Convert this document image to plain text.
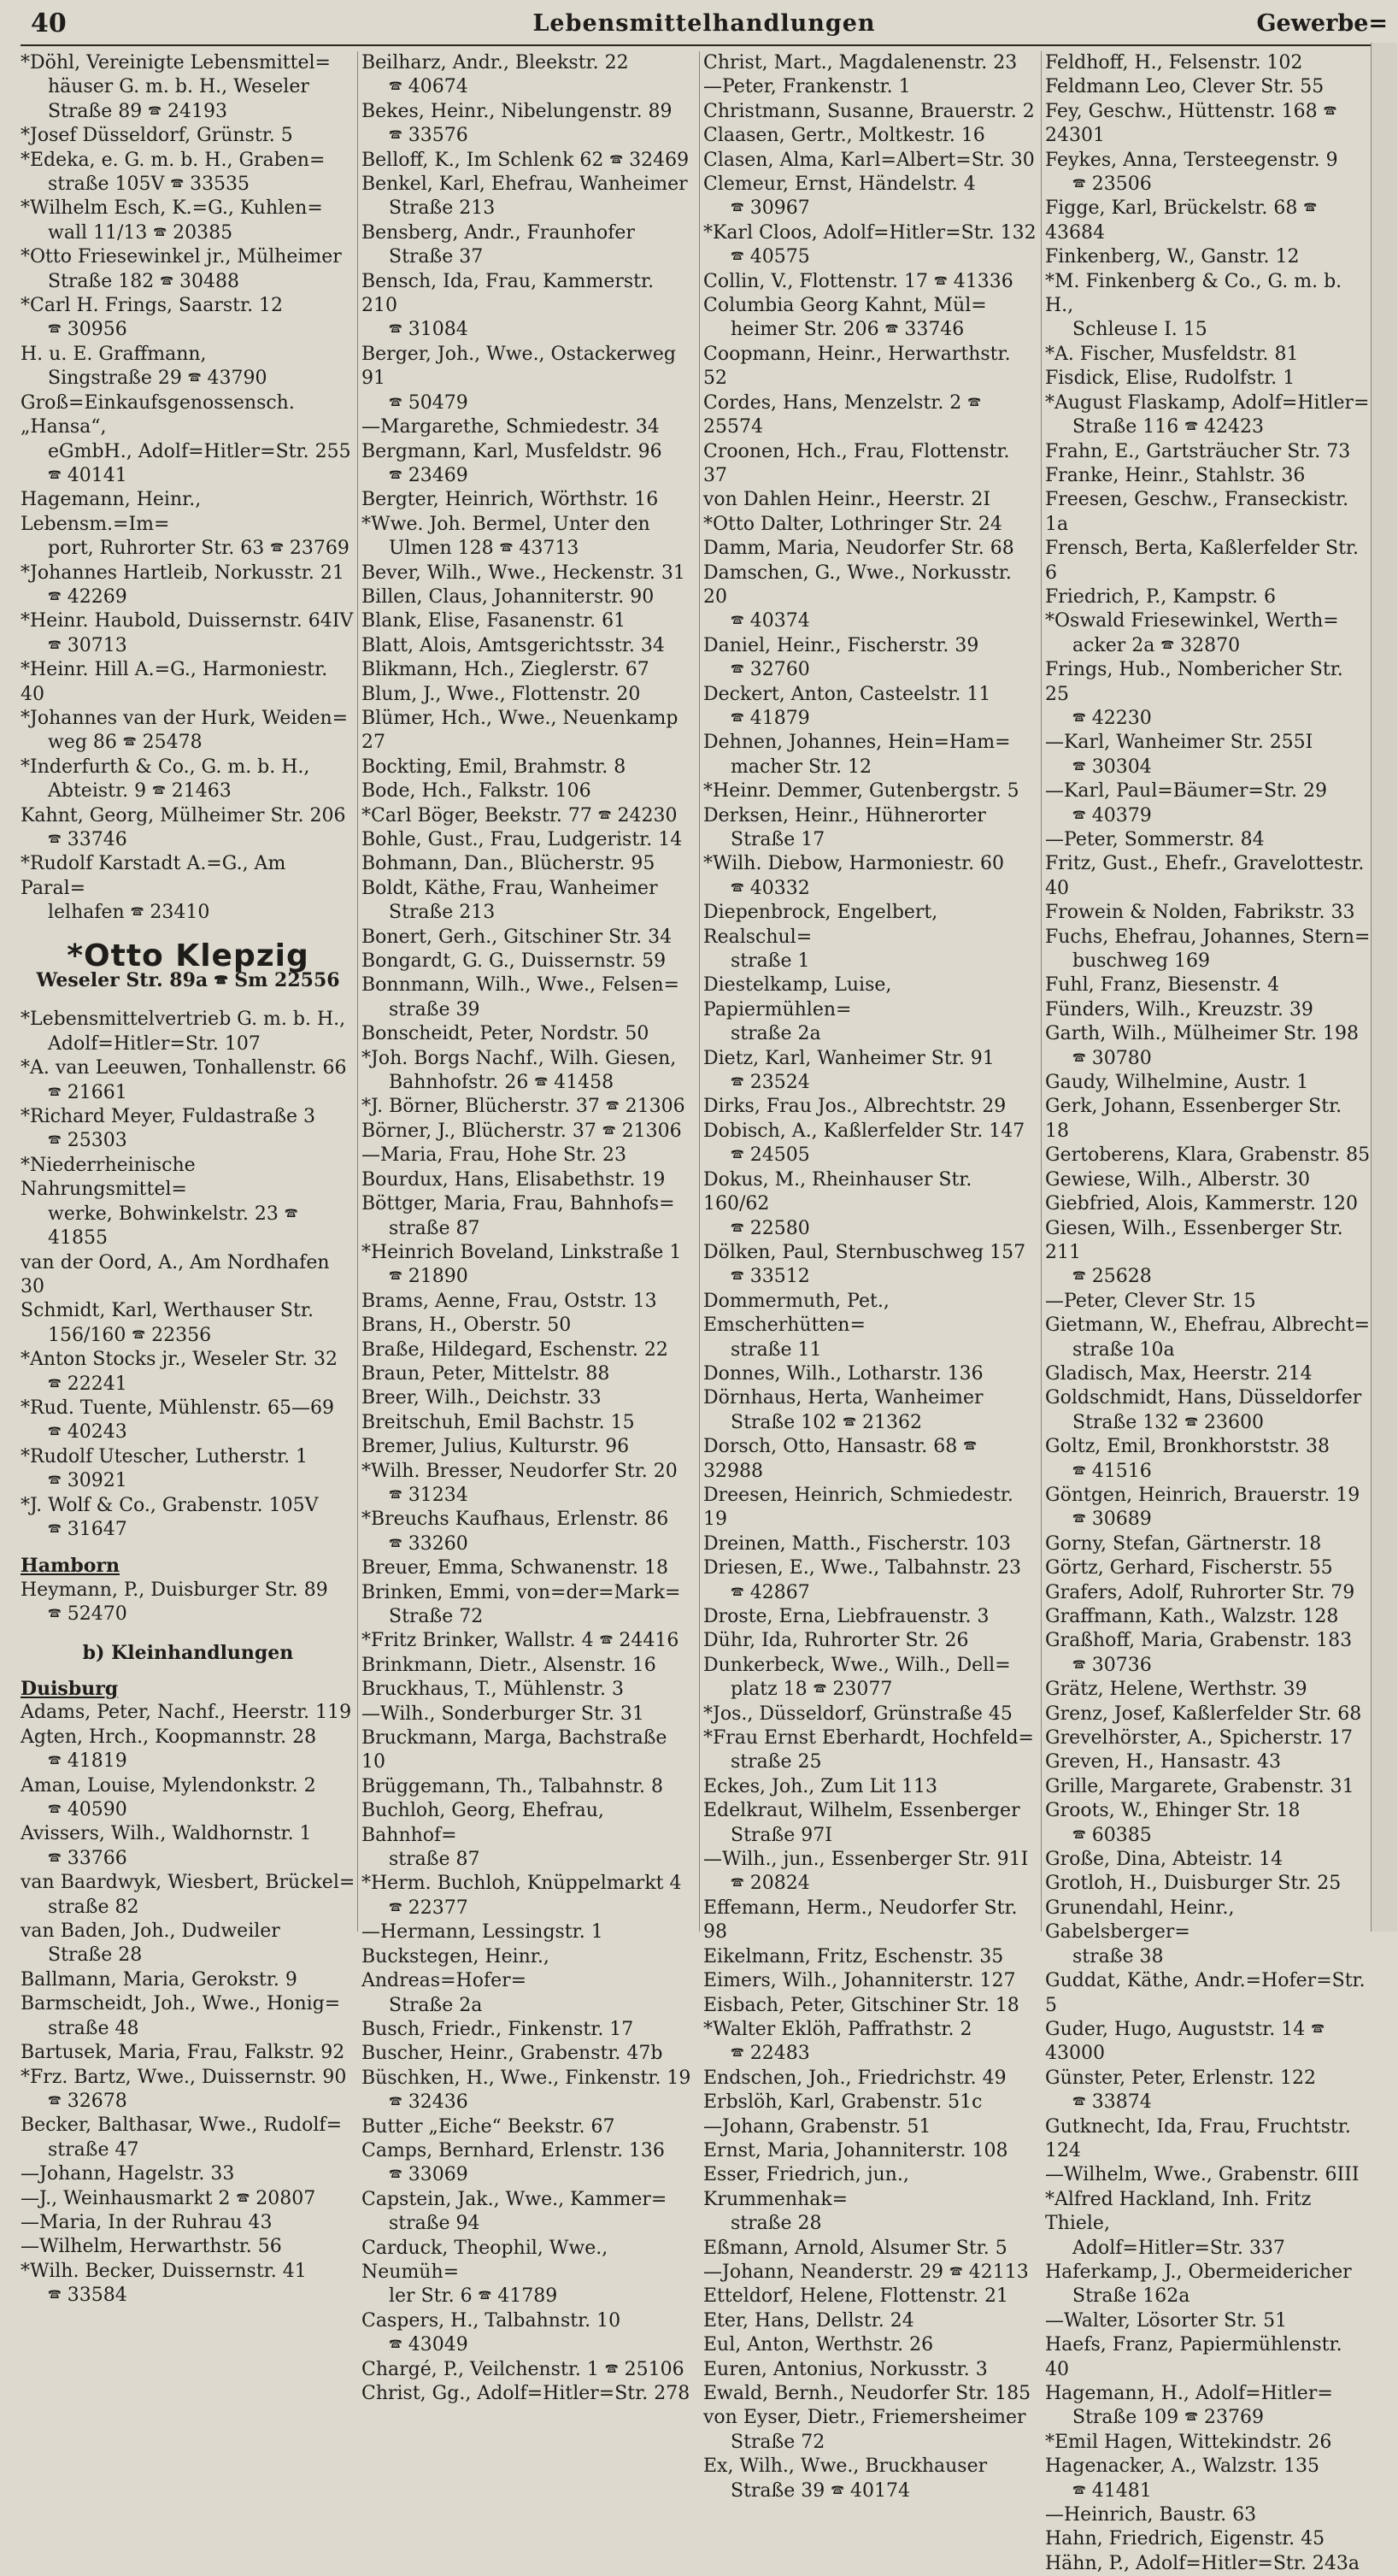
40	Lebensmittelhandlungen	Gewerbe=
*Döhl, Vereinigte Lebensmittel=
häuser G. m. b. H., Weseler
Straße 89 🕿 24193
*Josef Düsseldorf, Grünstr. 5
*Edeka, e. G. m. b. H., Graben=
straße 105V 🕿 33535
*Wilhelm Esch, K.=G., Kuhlen=
wall 11/13 🕿 20385
*Otto Friesewinkel jr., Mülheimer
Straße 182 🕿 30488
*Carl H. Frings, Saarstr. 12
🕿 30956
H. u. E. Graffmann,
Singstraße 29 🕿 43790
Groß=Einkaufsgenossensch. „Hansa“,
eGmbH., Adolf=Hitler=Str. 255
🕿 40141
Hagemann, Heinr., Lebensm.=Im=
port, Ruhrorter Str. 63 🕿 23769
*Johannes Hartleib, Norkusstr. 21
🕿 42269
*Heinr. Haubold, Duissernstr. 64IV
🕿 30713
*Heinr. Hill A.=G., Harmoniestr. 40
*Johannes van der Hurk, Weiden=
weg 86 🕿 25478
*Inderfurth & Co., G. m. b. H.,
Abteistr. 9 🕿 21463
Kahnt, Georg, Mülheimer Str. 206
🕿 33746
*Rudolf Karstadt A.=G., Am Paral=
lelhafen 🕿 23410
*Otto Klepzig
Weseler Str. 89a 🕿 Sm 22556
*Lebensmittelvertrieb G. m. b. H.,
Adolf=Hitler=Str. 107
*A. van Leeuwen, Tonhallenstr. 66
🕿 21661
*Richard Meyer, Fuldastraße 3
🕿 25303
*Niederrheinische Nahrungsmittel=
werke, Bohwinkelstr. 23 🕿 41855
van der Oord, A., Am Nordhafen 30
Schmidt, Karl, Werthauser Str.
156/160 🕿 22356
*Anton Stocks jr., Weseler Str. 32
🕿 22241
*Rud. Tuente, Mühlenstr. 65—69
🕿 40243
*Rudolf Utescher, Lutherstr. 1
🕿 30921
*J. Wolf & Co., Grabenstr. 105V
🕿 31647
Hamborn
Heymann, P., Duisburger Str. 89
🕿 52470
b) Kleinhandlungen
Duisburg
Adams, Peter, Nachf., Heerstr. 119
Agten, Hrch., Koopmannstr. 28
🕿 41819
Aman, Louise, Mylendonkstr. 2
🕿 40590
Avissers, Wilh., Waldhornstr. 1
🕿 33766
van Baardwyk, Wiesbert, Brückel=
straße 82
van Baden, Joh., Dudweiler
Straße 28
Ballmann, Maria, Gerokstr. 9
Barmscheidt, Joh., Wwe., Honig=
straße 48
Bartusek, Maria, Frau, Falkstr. 92
*Frz. Bartz, Wwe., Duissernstr. 90
🕿 32678
Becker, Balthasar, Wwe., Rudolf=
straße 47
—Johann, Hagelstr. 33
—J., Weinhausmarkt 2 🕿 20807
—Maria, In der Ruhrau 43
—Wilhelm, Herwarthstr. 56
*Wilh. Becker, Duissernstr. 41
🕿 33584
Beilharz, Andr., Bleekstr. 22
🕿 40674
Bekes, Heinr., Nibelungenstr. 89
🕿 33576
Belloff, K., Im Schlenk 62 🕿 32469
Benkel, Karl, Ehefrau, Wanheimer
Straße 213
Bensberg, Andr., Fraunhofer
Straße 37
Bensch, Ida, Frau, Kammerstr. 210
🕿 31084
Berger, Joh., Wwe., Ostackerweg 91
🕿 50479
—Margarethe, Schmiedestr. 34
Bergmann, Karl, Musfeldstr. 96
🕿 23469
Bergter, Heinrich, Wörthstr. 16
*Wwe. Joh. Bermel, Unter den
Ulmen 128 🕿 43713
Bever, Wilh., Wwe., Heckenstr. 31
Billen, Claus, Johanniterstr. 90
Blank, Elise, Fasanenstr. 61
Blatt, Alois, Amtsgerichtsstr. 34
Blikmann, Hch., Zieglerstr. 67
Blum, J., Wwe., Flottenstr. 20
Blümer, Hch., Wwe., Neuenkamp 27
Bockting, Emil, Brahmstr. 8
Bode, Hch., Falkstr. 106
*Carl Böger, Beekstr. 77 🕿 24230
Bohle, Gust., Frau, Ludgeristr. 14
Bohmann, Dan., Blücherstr. 95
Boldt, Käthe, Frau, Wanheimer
Straße 213
Bonert, Gerh., Gitschiner Str. 34
Bongardt, G. G., Duissernstr. 59
Bonnmann, Wilh., Wwe., Felsen=
straße 39
Bonscheidt, Peter, Nordstr. 50
*Joh. Borgs Nachf., Wilh. Giesen,
Bahnhofstr. 26 🕿 41458
*J. Börner, Blücherstr. 37 🕿 21306
Börner, J., Blücherstr. 37 🕿 21306
—Maria, Frau, Hohe Str. 23
Bourdux, Hans, Elisabethstr. 19
Böttger, Maria, Frau, Bahnhofs=
straße 87
*Heinrich Boveland, Linkstraße 1
🕿 21890
Brams, Aenne, Frau, Oststr. 13
Brans, H., Oberstr. 50
Braße, Hildegard, Eschenstr. 22
Braun, Peter, Mittelstr. 88
Breer, Wilh., Deichstr. 33
Breitschuh, Emil Bachstr. 15
Bremer, Julius, Kulturstr. 96
*Wilh. Bresser, Neudorfer Str. 20
🕿 31234
*Breuchs Kaufhaus, Erlenstr. 86
🕿 33260
Breuer, Emma, Schwanenstr. 18
Brinken, Emmi, von=der=Mark=
Straße 72
*Fritz Brinker, Wallstr. 4 🕿 24416
Brinkmann, Dietr., Alsenstr. 16
Bruckhaus, T., Mühlenstr. 3
—Wilh., Sonderburger Str. 31
Bruckmann, Marga, Bachstraße 10
Brüggemann, Th., Talbahnstr. 8
Buchloh, Georg, Ehefrau, Bahnhof=
straße 87
*Herm. Buchloh, Knüppelmarkt 4
🕿 22377
—Hermann, Lessingstr. 1
Buckstegen, Heinr., Andreas=Hofer=
Straße 2a
Busch, Friedr., Finkenstr. 17
Buscher, Heinr., Grabenstr. 47b
Büschken, H., Wwe., Finkenstr. 19
🕿 32436
Butter „Eiche“ Beekstr. 67
Camps, Bernhard, Erlenstr. 136
🕿 33069
Capstein, Jak., Wwe., Kammer=
straße 94
Carduck, Theophil, Wwe., Neumüh=
ler Str. 6 🕿 41789
Caspers, H., Talbahnstr. 10
🕿 43049
Chargé, P., Veilchenstr. 1 🕿 25106
Christ, Gg., Adolf=Hitler=Str. 278
Christ, Mart., Magdalenenstr. 23
—Peter, Frankenstr. 1
Christmann, Susanne, Brauerstr. 2
Claasen, Gertr., Moltkestr. 16
Clasen, Alma, Karl=Albert=Str. 30
Clemeur, Ernst, Händelstr. 4
🕿 30967
*Karl Cloos, Adolf=Hitler=Str. 132
🕿 40575
Collin, V., Flottenstr. 17 🕿 41336
Columbia Georg Kahnt, Mül=
heimer Str. 206 🕿 33746
Coopmann, Heinr., Herwarthstr. 52
Cordes, Hans, Menzelstr. 2 🕿 25574
Croonen, Hch., Frau, Flottenstr. 37
von Dahlen Heinr., Heerstr. 2I
*Otto Dalter, Lothringer Str. 24
Damm, Maria, Neudorfer Str. 68
Damschen, G., Wwe., Norkusstr. 20
🕿 40374
Daniel, Heinr., Fischerstr. 39
🕿 32760
Deckert, Anton, Casteelstr. 11
🕿 41879
Dehnen, Johannes, Hein=Ham=
macher Str. 12
*Heinr. Demmer, Gutenbergstr. 5
Derksen, Heinr., Hühnerorter
Straße 17
*Wilh. Diebow, Harmoniestr. 60
🕿 40332
Diepenbrock, Engelbert, Realschul=
straße 1
Diestelkamp, Luise, Papiermühlen=
straße 2a
Dietz, Karl, Wanheimer Str. 91
🕿 23524
Dirks, Frau Jos., Albrechtstr. 29
Dobisch, A., Kaßlerfelder Str. 147
🕿 24505
Dokus, M., Rheinhauser Str. 160/62
🕿 22580
Dölken, Paul, Sternbuschweg 157
🕿 33512
Dommermuth, Pet., Emscherhütten=
straße 11
Donnes, Wilh., Lotharstr. 136
Dörnhaus, Herta, Wanheimer
Straße 102 🕿 21362
Dorsch, Otto, Hansastr. 68 🕿 32988
Dreesen, Heinrich, Schmiedestr. 19
Dreinen, Matth., Fischerstr. 103
Driesen, E., Wwe., Talbahnstr. 23
🕿 42867
Droste, Erna, Liebfrauenstr. 3
Dühr, Ida, Ruhrorter Str. 26
Dunkerbeck, Wwe., Wilh., Dell=
platz 18 🕿 23077
*Jos., Düsseldorf, Grünstraße 45
*Frau Ernst Eberhardt, Hochfeld=
straße 25
Eckes, Joh., Zum Lit 113
Edelkraut, Wilhelm, Essenberger
Straße 97I
—Wilh., jun., Essenberger Str. 91I
🕿 20824
Effemann, Herm., Neudorfer Str. 98
Eikelmann, Fritz, Eschenstr. 35
Eimers, Wilh., Johanniterstr. 127
Eisbach, Peter, Gitschiner Str. 18
*Walter Eklöh, Paffrathstr. 2
🕿 22483
Endschen, Joh., Friedrichstr. 49
Erbslöh, Karl, Grabenstr. 51c
—Johann, Grabenstr. 51
Ernst, Maria, Johanniterstr. 108
Esser, Friedrich, jun., Krummenhak=
straße 28
Eßmann, Arnold, Alsumer Str. 5
—Johann, Neanderstr. 29 🕿 42113
Etteldorf, Helene, Flottenstr. 21
Eter, Hans, Dellstr. 24
Eul, Anton, Werthstr. 26
Euren, Antonius, Norkusstr. 3
Ewald, Bernh., Neudorfer Str. 185
von Eyser, Dietr., Friemersheimer
Straße 72
Ex, Wilh., Wwe., Bruckhauser
Straße 39 🕿 40174
Feldhoff, H., Felsenstr. 102
Feldmann Leo, Clever Str. 55
Fey, Geschw., Hüttenstr. 168 🕿 24301
Feykes, Anna, Tersteegenstr. 9
🕿 23506
Figge, Karl, Brückelstr. 68 🕿 43684
Finkenberg, W., Ganstr. 12
*M. Finkenberg & Co., G. m. b. H.,
Schleuse I. 15
*A. Fischer, Musfeldstr. 81
Fisdick, Elise, Rudolfstr. 1
*August Flaskamp, Adolf=Hitler=
Straße 116 🕿 42423
Frahn, E., Gartsträucher Str. 73
Franke, Heinr., Stahlstr. 36
Freesen, Geschw., Franseckistr. 1a
Frensch, Berta, Kaßlerfelder Str. 6
Friedrich, P., Kampstr. 6
*Oswald Friesewinkel, Werth=
acker 2a 🕿 32870
Frings, Hub., Nombericher Str. 25
🕿 42230
—Karl, Wanheimer Str. 255I
🕿 30304
—Karl, Paul=Bäumer=Str. 29
🕿 40379
—Peter, Sommerstr. 84
Fritz, Gust., Ehefr., Gravelottestr. 40
Frowein & Nolden, Fabrikstr. 33
Fuchs, Ehefrau, Johannes, Stern=
buschweg 169
Fuhl, Franz, Biesenstr. 4
Fünders, Wilh., Kreuzstr. 39
Garth, Wilh., Mülheimer Str. 198
🕿 30780
Gaudy, Wilhelmine, Austr. 1
Gerk, Johann, Essenberger Str. 18
Gertoberens, Klara, Grabenstr. 85
Gewiese, Wilh., Alberstr. 30
Giebfried, Alois, Kammerstr. 120
Giesen, Wilh., Essenberger Str. 211
🕿 25628
—Peter, Clever Str. 15
Gietmann, W., Ehefrau, Albrecht=
straße 10a
Gladisch, Max, Heerstr. 214
Goldschmidt, Hans, Düsseldorfer
Straße 132 🕿 23600
Goltz, Emil, Bronkhorststr. 38
🕿 41516
Göntgen, Heinrich, Brauerstr. 19
🕿 30689
Gorny, Stefan, Gärtnerstr. 18
Görtz, Gerhard, Fischerstr. 55
Grafers, Adolf, Ruhrorter Str. 79
Graffmann, Kath., Walzstr. 128
Graßhoff, Maria, Grabenstr. 183
🕿 30736
Grätz, Helene, Werthstr. 39
Grenz, Josef, Kaßlerfelder Str. 68
Grevelhörster, A., Spicherstr. 17
Greven, H., Hansastr. 43
Grille, Margarete, Grabenstr. 31
Groots, W., Ehinger Str. 18
🕿 60385
Große, Dina, Abteistr. 14
Grotloh, H., Duisburger Str. 25
Grunendahl, Heinr., Gabelsberger=
straße 38
Guddat, Käthe, Andr.=Hofer=Str. 5
Guder, Hugo, Auguststr. 14 🕿 43000
Günster, Peter, Erlenstr. 122
🕿 33874
Gutknecht, Ida, Frau, Fruchtstr. 124
—Wilhelm, Wwe., Grabenstr. 6III
*Alfred Hackland, Inh. Fritz Thiele,
Adolf=Hitler=Str. 337
Haferkamp, J., Obermeidericher
Straße 162a
—Walter, Lösorter Str. 51
Haefs, Franz, Papiermühlenstr. 40
Hagemann, H., Adolf=Hitler=
Straße 109 🕿 23769
*Emil Hagen, Wittekindstr. 26
Hagenacker, A., Walzstr. 135
🕿 41481
—Heinrich, Baustr. 63
Hahn, Friedrich, Eigenstr. 45
Hähn, P., Adolf=Hitler=Str. 243a
